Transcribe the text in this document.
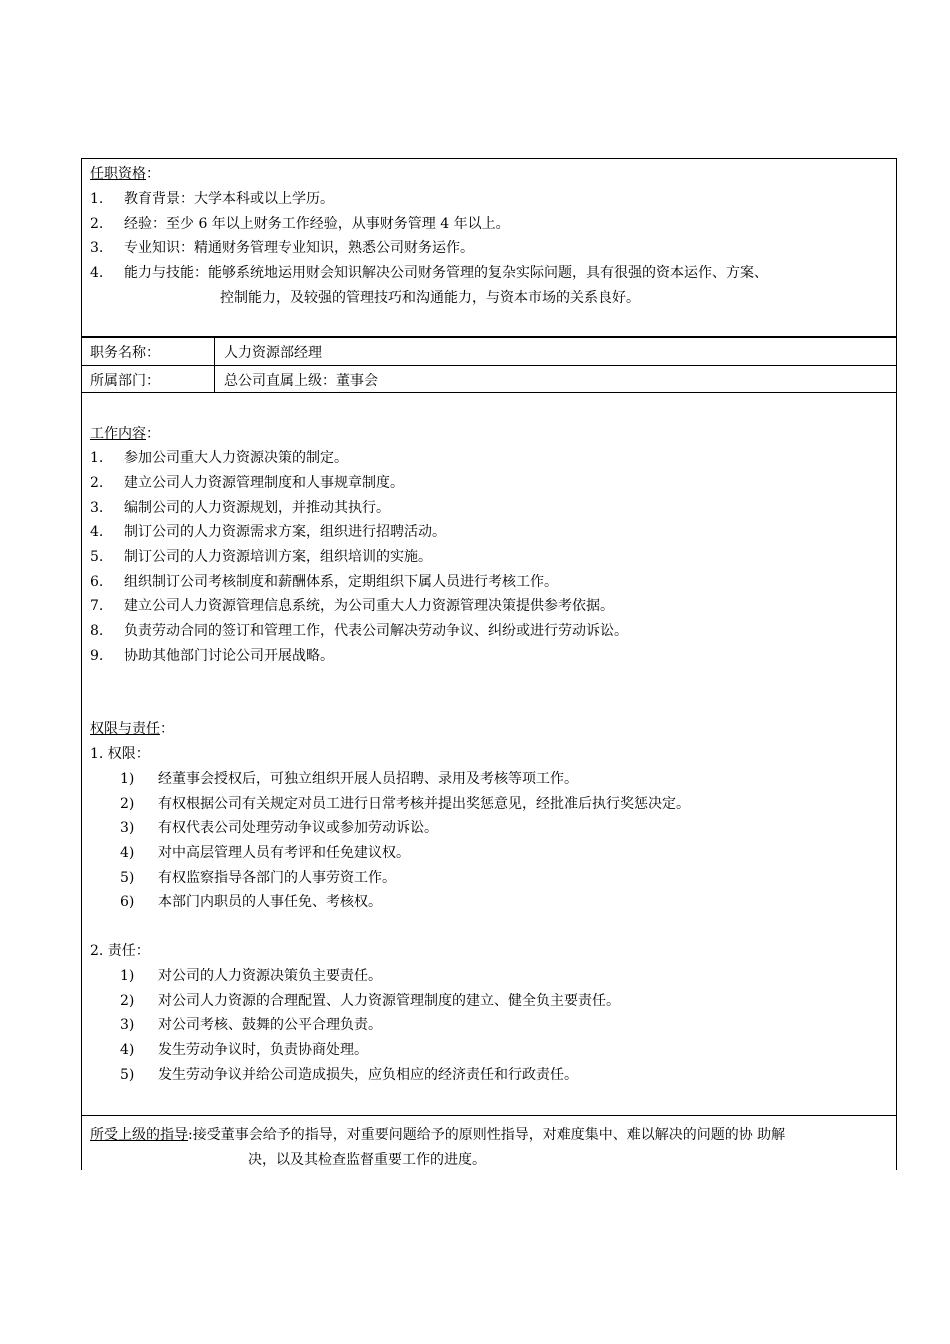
任职资格：
1. 教育背景：大学本科或以上学历。
2. 经验：至少 6 年以上财务工作经验，从事财务管理 4 年以上。
3. 专业知识：精通财务管理专业知识，熟悉公司财务运作。
4. 能力与技能：能够系统地运用财会知识解决公司财务管理的复杂实际问题，具有很强的资本运作、方案、
控制能力，及较强的管理技巧和沟通能力，与资本市场的关系良好。
职务名称：	人力资源部经理
所属部门：	总公司直属上级：董事会
工作内容：
1. 参加公司重大人力资源决策的制定。
2. 建立公司人力资源管理制度和人事规章制度。
3. 编制公司的人力资源规划，并推动其执行。
4. 制订公司的人力资源需求方案，组织进行招聘活动。
5. 制订公司的人力资源培训方案，组织培训的实施。
6. 组织制订公司考核制度和薪酬体系，定期组织下属人员进行考核工作。
7. 建立公司人力资源管理信息系统，为公司重大人力资源管理决策提供参考依据。
8. 负责劳动合同的签订和管理工作，代表公司解决劳动争议、纠纷或进行劳动诉讼。
9. 协助其他部门讨论公司开展战略。
权限与责任：
1. 权限：
1) 经董事会授权后，可独立组织开展人员招聘、录用及考核等项工作。
2) 有权根据公司有关规定对员工进行日常考核并提出奖惩意见，经批准后执行奖惩决定。
3) 有权代表公司处理劳动争议或参加劳动诉讼。
4) 对中高层管理人员有考评和任免建议权。
5) 有权监察指导各部门的人事劳资工作。
6) 本部门内职员的人事任免、考核权。
2. 责任：
1) 对公司的人力资源决策负主要责任。
2) 对公司人力资源的合理配置、人力资源管理制度的建立、健全负主要责任。
3) 对公司考核、鼓舞的公平合理负责。
4) 发生劳动争议时，负责协商处理。
5) 发生劳动争议并给公司造成损失，应负相应的经济责任和行政责任。
所受上级的指导:接受董事会给予的指导，对重要问题给予的原则性指导，对难度集中、难以解决的问题的协 助解
决，以及其检查监督重要工作的进度。
